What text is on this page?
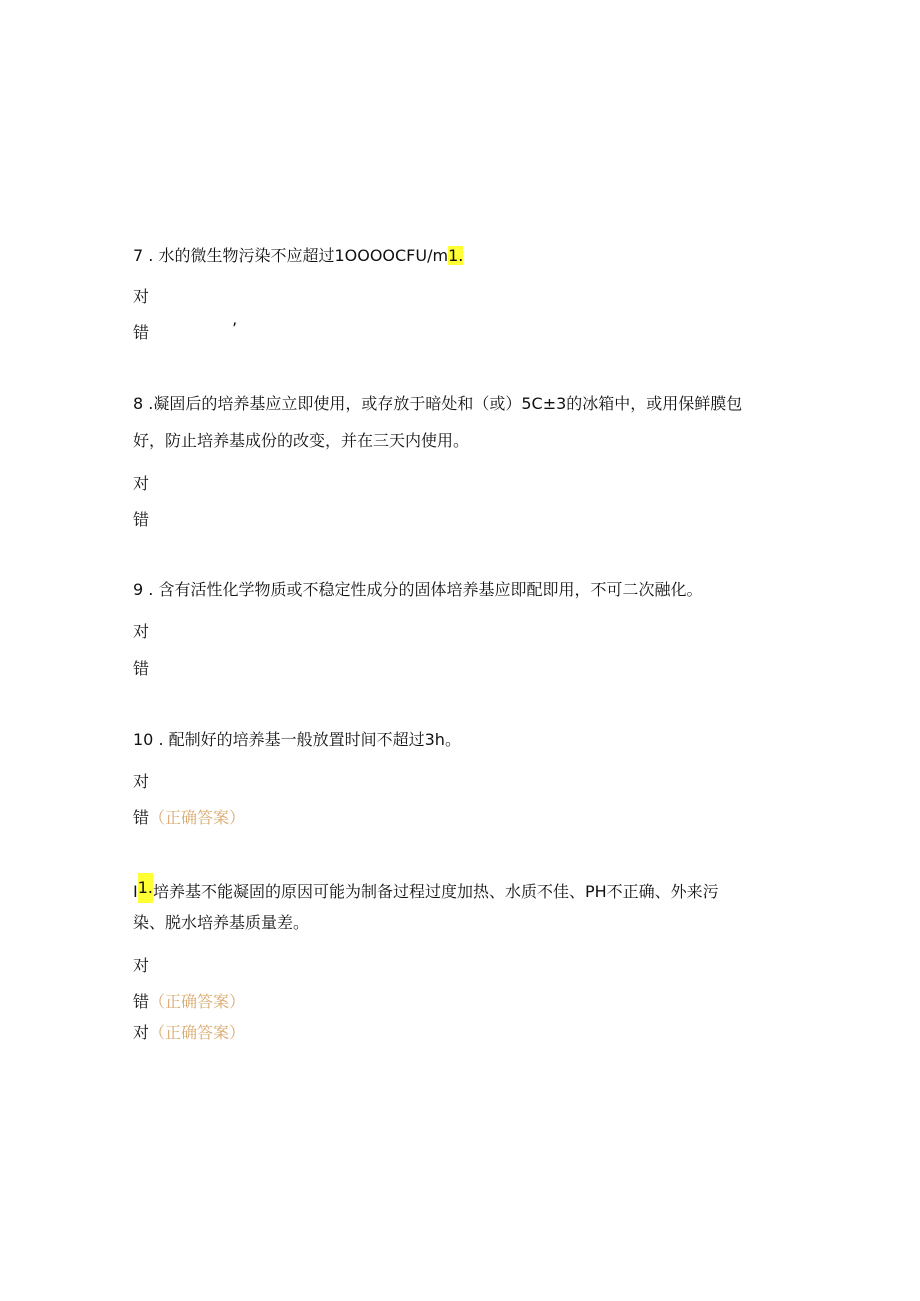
7 . 水的微生物污染不应超过1OOOOCFU/m1.
对
错	’
8 .凝固后的培养基应立即使用，或存放于暗处和（或）5C±3的冰箱中，或用保鲜膜包
好，防止培养基成份的改变，并在三天内使用。
对
错
9 . 含有活性化学物质或不稳定性成分的固体培养基应即配即用，不可二次融化。
对
错
10 . 配制好的培养基一般放置时间不超过3h。
对
错（正确答案）
I1.培养基不能凝固的原因可能为制备过程过度加热、水质不佳、PH不正确、外来污
染、脱水培养基质量差。
对
错（正确答案）
对（正确答案）
